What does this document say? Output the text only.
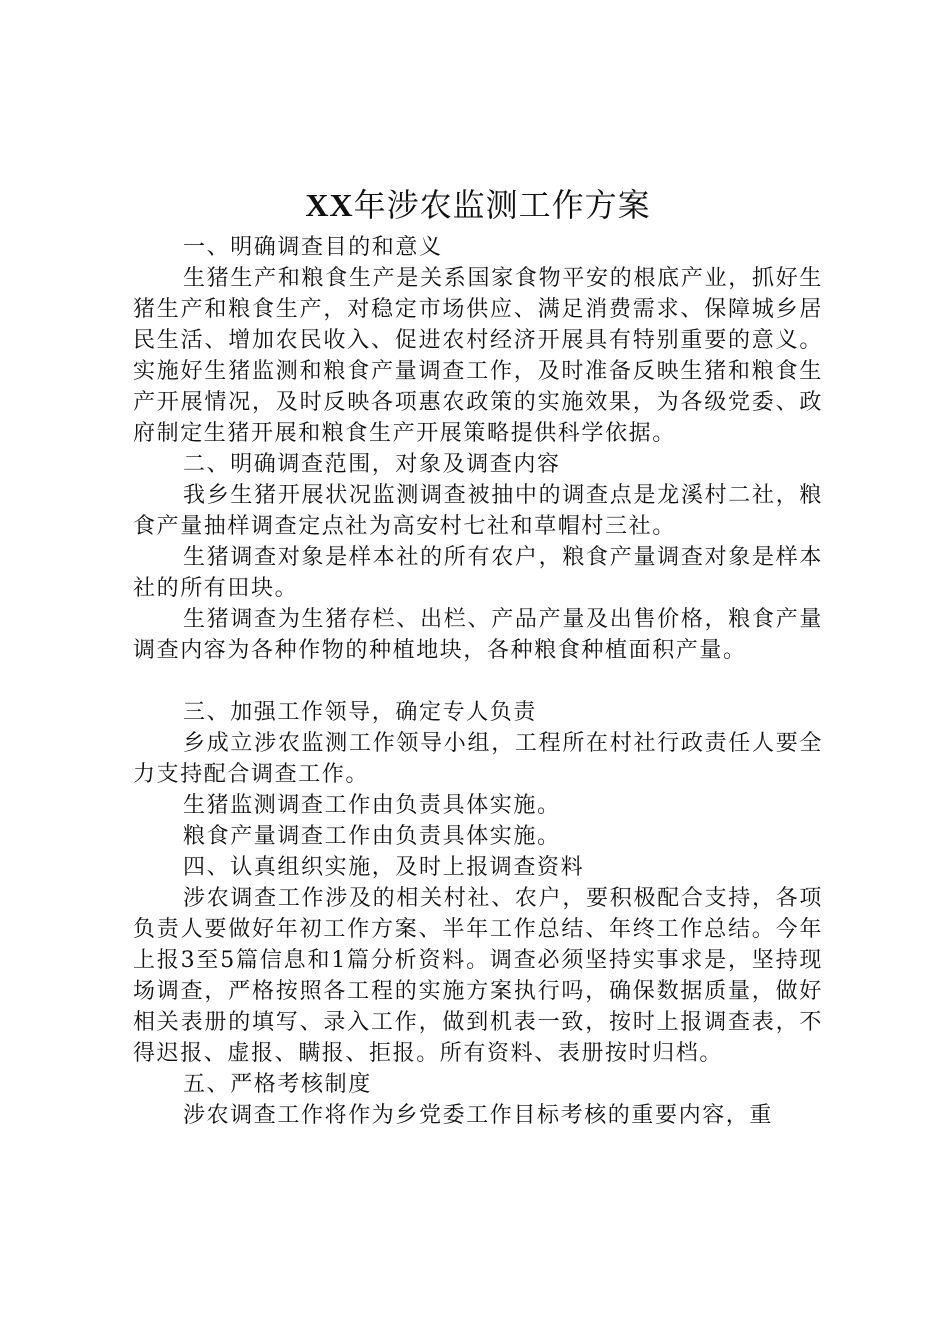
XX年涉农监测工作方案

一、明确调查目的和意义

生猪生产和粮食生产是关系国家食物平安的根底产业，抓好生猪生产和粮食生产，对稳定市场供应、满足消费需求、保障城乡居民生活、增加农民收入、促进农村经济开展具有特别重要的意义。实施好生猪监测和粮食产量调查工作，及时准备反映生猪和粮食生产开展情况，及时反映各项惠农政策的实施效果，为各级党委、政府制定生猪开展和粮食生产开展策略提供科学依据。

二、明确调查范围，对象及调查内容

我乡生猪开展状况监测调查被抽中的调查点是龙溪村二社，粮食产量抽样调查定点社为高安村七社和草帽村三社。

生猪调查对象是样本社的所有农户，粮食产量调查对象是样本社的所有田块。

生猪调查为生猪存栏、出栏、产品产量及出售价格，粮食产量调查内容为各种作物的种植地块，各种粮食种植面积产量。

三、加强工作领导，确定专人负责

乡成立涉农监测工作领导小组，工程所在村社行政责任人要全力支持配合调查工作。

生猪监测调查工作由负责具体实施。

粮食产量调查工作由负责具体实施。

四、认真组织实施，及时上报调查资料

涉农调查工作涉及的相关村社、农户，要积极配合支持，各项负责人要做好年初工作方案、半年工作总结、年终工作总结。今年上报3至5篇信息和1篇分析资料。调查必须坚持实事求是，坚持现场调查，严格按照各工程的实施方案执行吗，确保数据质量，做好相关表册的填写、录入工作，做到机表一致，按时上报调查表，不得迟报、虚报、瞒报、拒报。所有资料、表册按时归档。

五、严格考核制度

涉农调查工作将作为乡党委工作目标考核的重要内容，重
